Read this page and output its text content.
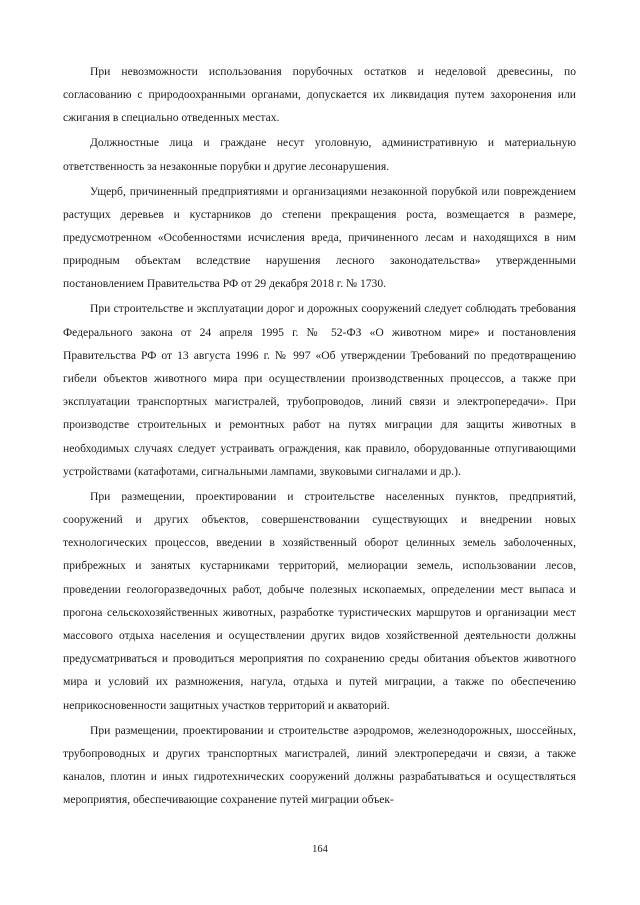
При невозможности использования порубочных остатков и неделовой древесины, по согласованию с природоохранными органами, допускается их ликвидация путем захоронения или сжигания в специально отведенных местах.

Должностные лица и граждане несут уголовную, административную и материальную ответственность за незаконные порубки и другие лесонарушения.

Ущерб, причиненный предприятиями и организациями незаконной порубкой или повреждением растущих деревьев и кустарников до степени прекращения роста, возмещается в размере, предусмотренном «Особенностями исчисления вреда, причиненного лесам и находящихся в ним природным объектам вследствие нарушения лесного законодательства» утвержденными постановлением Правительства РФ от 29 декабря 2018 г. № 1730.

При строительстве и эксплуатации дорог и дорожных сооружений следует соблюдать требования Федерального закона от 24 апреля 1995 г. № 52-ФЗ «О животном мире» и постановления Правительства РФ от 13 августа 1996 г. № 997 «Об утверждении Требований по предотвращению гибели объектов животного мира при осуществлении производственных процессов, а также при эксплуатации транспортных магистралей, трубопроводов, линий связи и электропередачи». При производстве строительных и ремонтных работ на путях миграции для защиты животных в необходимых случаях следует устраивать ограждения, как правило, оборудованные отпугивающими устройствами (катафотами, сигнальными лампами, звуковыми сигналами и др.).

При размещении, проектировании и строительстве населенных пунктов, предприятий, сооружений и других объектов, совершенствовании существующих и внедрении новых технологических процессов, введении в хозяйственный оборот целинных земель заболоченных, прибрежных и занятых кустарниками территорий, мелиорации земель, использовании лесов, проведении геологоразведочных работ, добыче полезных ископаемых, определении мест выпаса и прогона сельскохозяйственных животных, разработке туристических маршрутов и организации мест массового отдыха населения и осуществлении других видов хозяйственной деятельности должны предусматриваться и проводиться мероприятия по сохранению среды обитания объектов животного мира и условий их размножения, нагула, отдыха и путей миграции, а также по обеспечению неприкосновенности защитных участков территорий и акваторий.

При размещении, проектировании и строительстве аэродромов, железнодорожных, шоссейных, трубопроводных и других транспортных магистралей, линий электропередачи и связи, а также каналов, плотин и иных гидротехнических сооружений должны разрабатываться и осуществляться мероприятия, обеспечивающие сохранение путей миграции объек-

164
